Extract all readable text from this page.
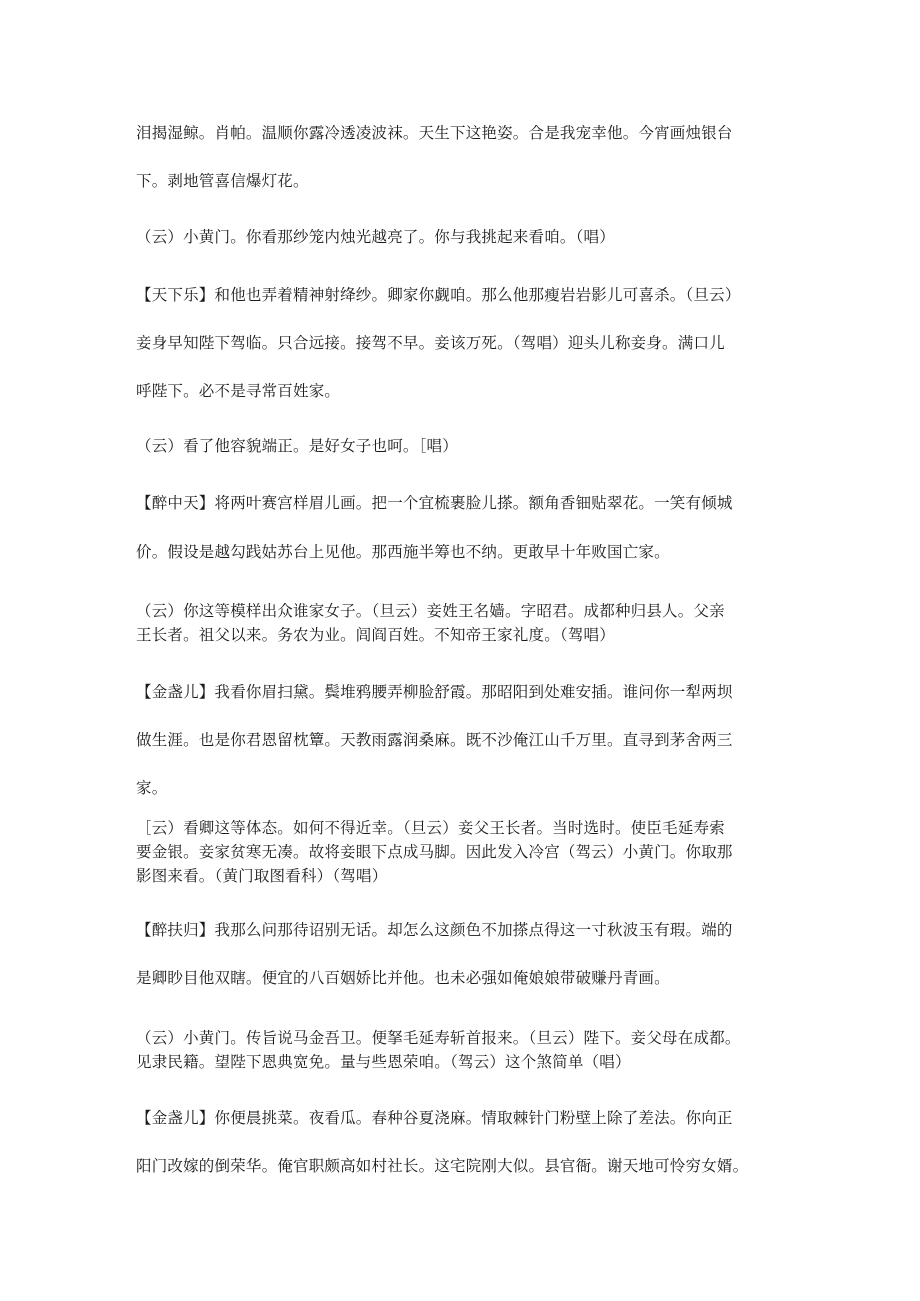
泪揭湿鲸。肖帕。温顺你露冷透凌波袜。天生下这艳姿。合是我宠幸他。今宵画烛银台
下。剥地管喜信爆灯花。
（云）小黄门。你看那纱笼内烛光越亮了。你与我挑起来看咱。（唱）
【天下乐】和他也弄着精神射绛纱。卿家你觑咱。那么他那瘦岩岩影儿可喜杀。（旦云）
妾身早知陛下驾临。只合远接。接驾不早。妾该万死。（驾唱）迎头儿称妾身。满口儿
呼陛下。必不是寻常百姓家。
（云）看了他容貌端正。是好女子也呵。［唱）
【醉中天】将两叶赛宫样眉儿画。把一个宜梳裹脸儿搽。额角香钿贴翠花。一笑有倾城
价。假设是越勾践姑苏台上见他。那西施半筹也不纳。更敢早十年败国亡家。
（云）你这等模样出众谁家女子。（旦云）妾姓王名嫱。字昭君。成都种归县人。父亲
王长者。祖父以来。务农为业。闾阎百姓。不知帝王家礼度。（驾唱）
【金盏儿】我看你眉扫黛。鬓堆鸦腰弄柳脸舒霞。那昭阳到处难安插。谁问你一犁两坝
做生涯。也是你君恩留枕簟。天教雨露润桑麻。既不沙俺江山千万里。直寻到茅舍两三
家。
［云）看卿这等体态。如何不得近幸。（旦云）妾父王长者。当时选时。使臣毛延寿索
要金银。妾家贫寒无凑。故将妾眼下点成马脚。因此发入冷宫（驾云）小黄门。你取那
影图来看。（黄门取图看科）（驾唱）
【醉扶归】我那么问那待诏别无话。却怎么这颜色不加搽点得这一寸秋波玉有瑕。端的
是卿眇目他双瞎。便宜的八百姻娇比并他。也未必强如俺娘娘带破赚丹青画。
（云）小黄门。传旨说马金吾卫。便拏毛延寿斩首报来。（旦云）陛下。妾父母在成都。
见隶民籍。望陛下恩典宽免。量与些恩荣咱。（驾云）这个煞简单（唱）
【金盏儿】你便晨挑菜。夜看瓜。春种谷夏浇麻。情取棘针门粉壁上除了差法。你向正
阳门改嫁的倒荣华。俺官职颇高如村社长。这宅院刚大似。县官衙。谢天地可怜穷女婿。
